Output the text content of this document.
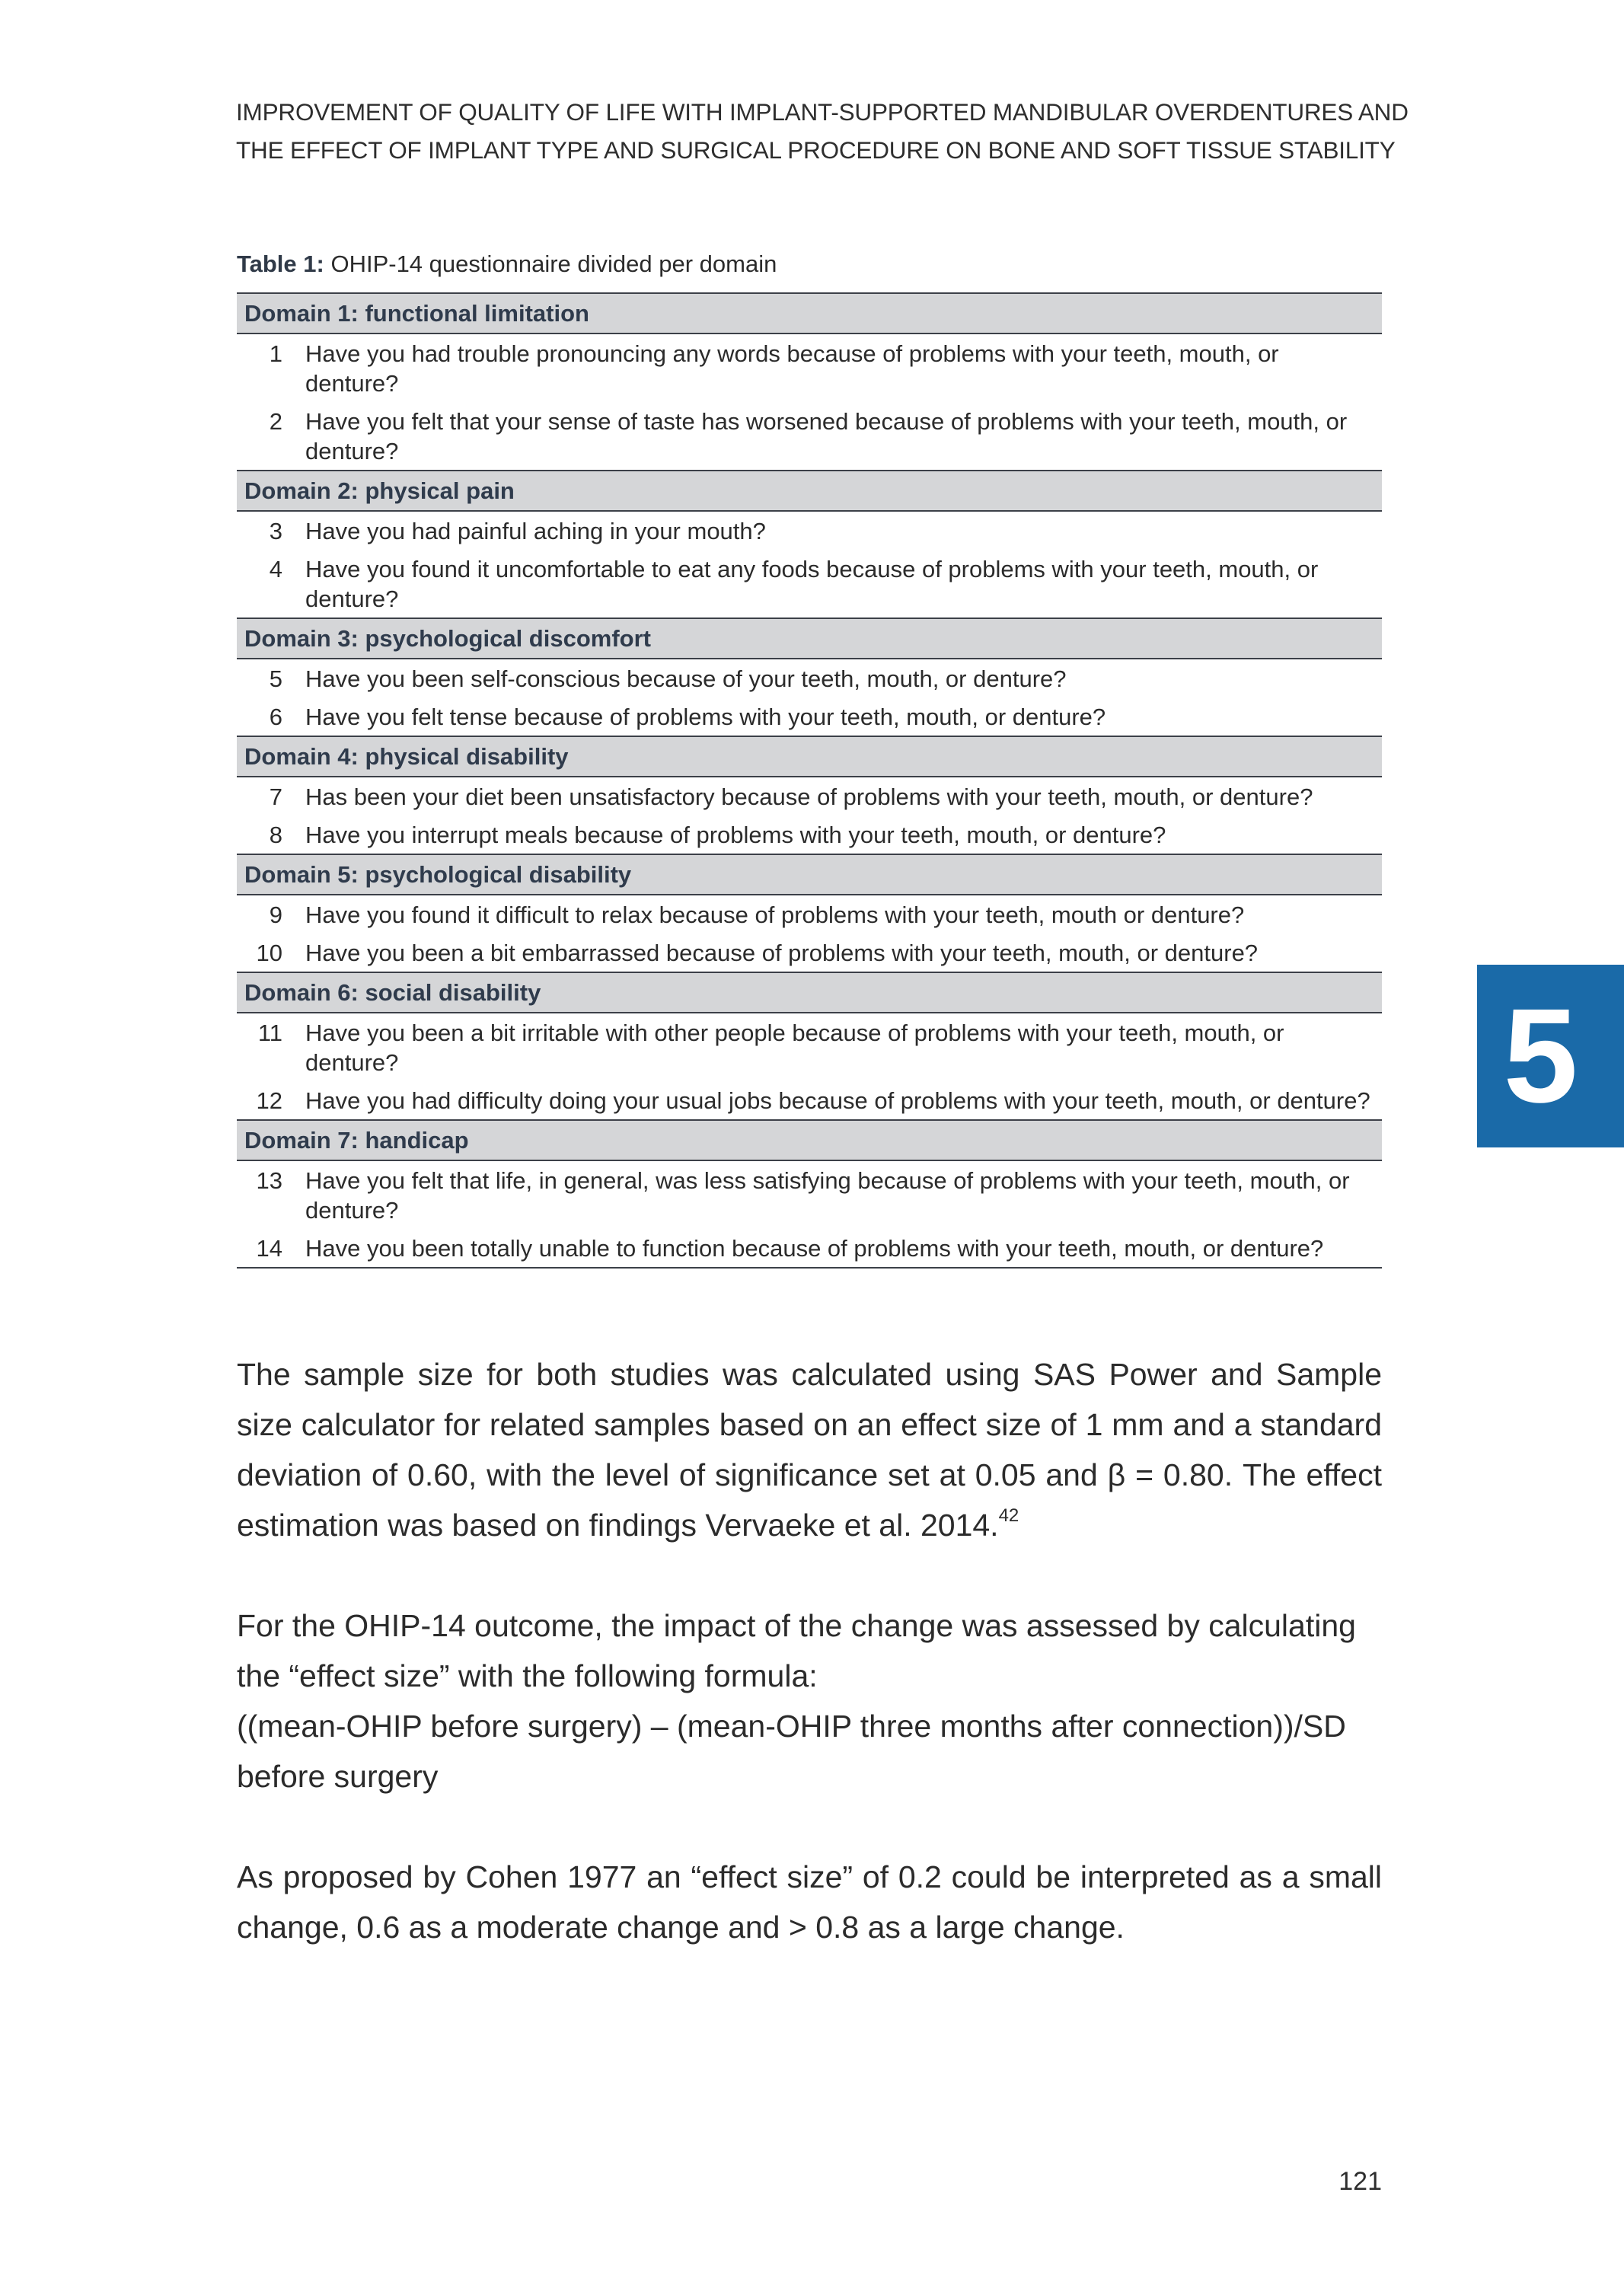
IMPROVEMENT OF QUALITY OF LIFE WITH IMPLANT-SUPPORTED MANDIBULAR OVERDENTURES AND
THE EFFECT OF IMPLANT TYPE AND SURGICAL PROCEDURE ON BONE AND SOFT TISSUE STABILITY
Table 1: OHIP-14 questionnaire divided per domain
Domain 1: functional limitation	
1	Have you had trouble pronouncing any words because of problems with your teeth, mouth, or denture?
2	Have you felt that your sense of taste has worsened because of problems with your teeth, mouth, or denture?
Domain 2: physical pain	
3	Have you had painful aching in your mouth?
4	Have you found it uncomfortable to eat any foods because of problems with your teeth, mouth, or denture?
Domain 3: psychological discomfort	
5	Have you been self-conscious because of your teeth, mouth, or denture?
6	Have you felt tense because of problems with your teeth, mouth, or denture?
Domain 4: physical disability	
7	Has been your diet been unsatisfactory because of problems with your teeth, mouth, or denture?
8	Have you interrupt meals because of problems with your teeth, mouth, or denture?
Domain 5: psychological disability	
9	Have you found it difficult to relax because of problems with your teeth, mouth or denture?
10	Have you been a bit embarrassed because of problems with your teeth, mouth, or denture?
Domain 6: social disability	
11	Have you been a bit irritable with other people because of problems with your teeth, mouth, or denture?
12	Have you had difficulty doing your usual jobs because of problems with your teeth, mouth, or denture?
Domain 7: handicap	
13	Have you felt that life, in general, was less satisfying because of problems with your teeth, mouth, or denture?
14	Have you been totally unable to function because of problems with your teeth, mouth, or denture?

The sample size for both studies was calculated using SAS Power and Sample size calculator for related samples based on an effect size of 1 mm and a standard deviation of 0.60, with the level of significance set at 0.05 and β = 0.80. The effect estimation was based on findings Vervaeke et al. 2014.42

For the OHIP-14 outcome, the impact of the change was assessed by calculating the “effect size” with the following formula:
((mean-OHIP before surgery) – (mean-OHIP three months after connection))/SD before surgery

As proposed by Cohen 1977 an “effect size” of 0.2 could be interpreted as a small change, 0.6 as a moderate change and > 0.8 as a large change.

5
121
